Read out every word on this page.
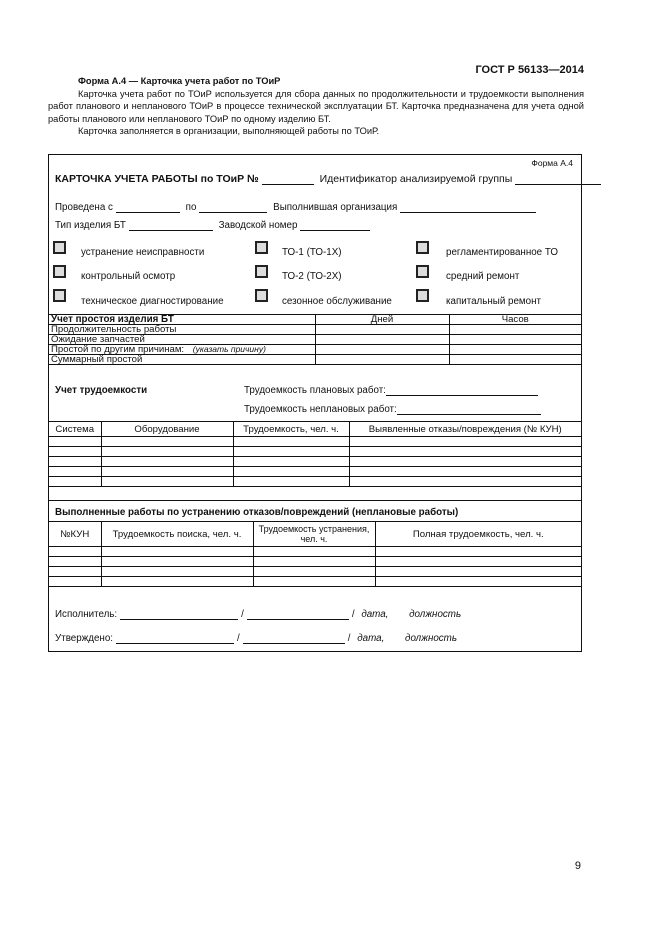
ГОСТ Р 56133—2014

Форма А.4 — Карточка учета работ по ТОиР

Карточка учета работ по ТОиР используется для сбора данных по продолжительности и трудоемкости выполнения работ планового и непланового ТОиР в процессе технической эксплуатации БТ. Карточка предназначена для учета одной работы планового или непланового ТОиР по одному изделию БТ.

Карточка заполняется в организации, выполняющей работы по ТОиР.

Форма А.4
КАРТОЧКА УЧЕТА РАБОТЫ по ТОиР №	Идентификатор анализируемой группы
Проведена с	по	Выполнившая организация
Тип изделия БТ	Заводской номер
устранение неисправности	ТО-1 (ТО-1Х)	регламентированное ТО
контрольный осмотр	ТО-2 (ТО-2Х)	средний ремонт
техническое диагностирование	сезонное обслуживание	капитальный ремонт
Учет простоя изделия БТ	Дней	Часов
Продолжительность работы		
Ожидание запчастей		
Простой по другим причинам: (указать причину)		
Суммарный простой		
Учет трудоемкости	Трудоемкость плановых работ:
Трудоемкость неплановых работ:
Система	Оборудование	Трудоемкость, чел. ч.	Выявленные отказы/повреждения (№ КУН)

Выполненные работы по устранению отказов/повреждений (неплановые работы)
№КУН	Трудоемкость поиска, чел. ч.	Трудоемкость устранения, чел. ч.	Полная трудоемкость, чел. ч.

Исполнитель:	/	/ дата, должность
Утверждено:	/	/ дата, должность
9
